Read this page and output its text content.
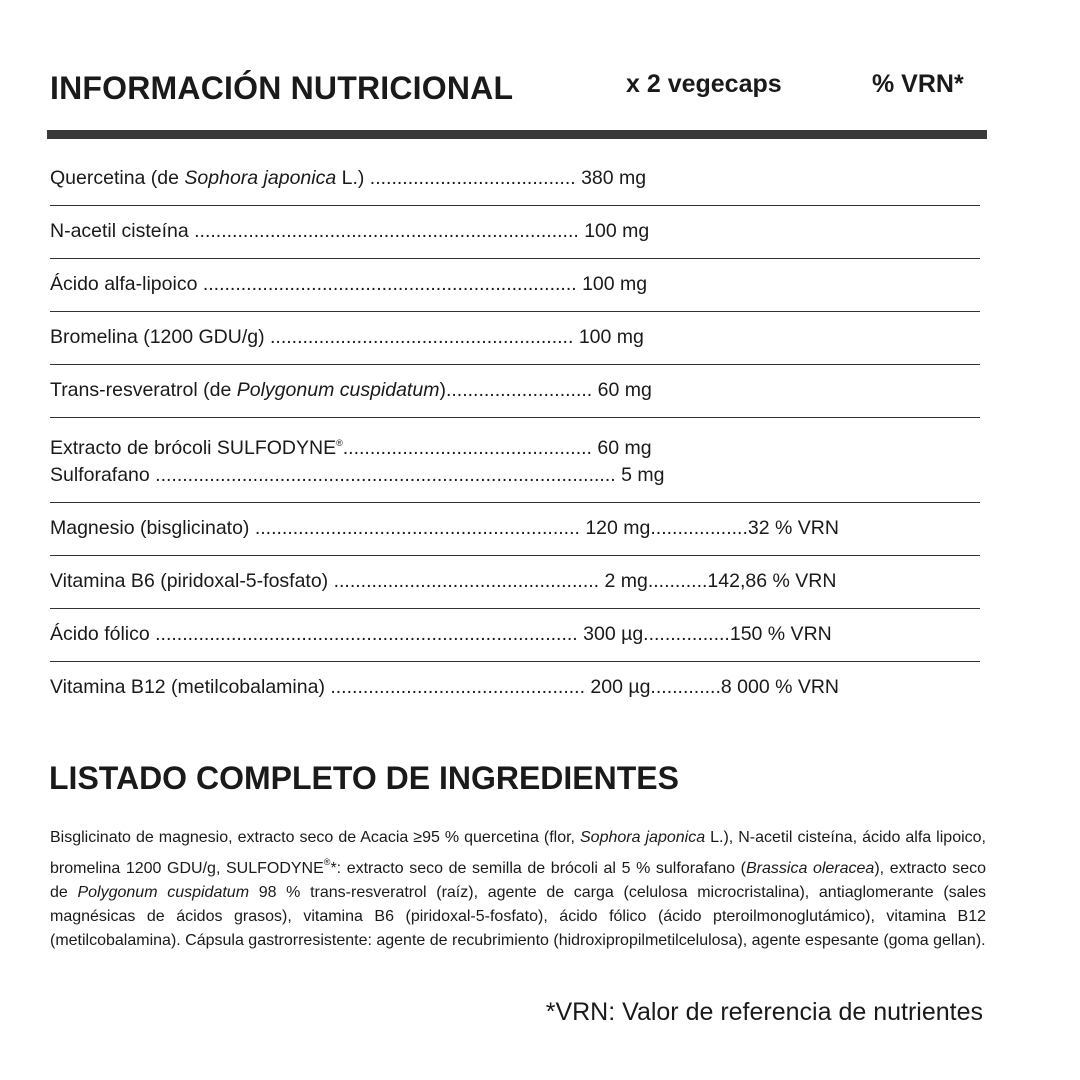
INFORMACIÓN NUTRICIONAL	x 2 vegecaps	% VRN*
Quercetina (de Sophora japonica L.) ...................................... 380 mg
N-acetil cisteína ....................................................................... 100 mg
Ácido alfa-lipoico ..................................................................... 100 mg
Bromelina (1200 GDU/g) ........................................................ 100 mg
Trans-resveratrol (de Polygonum cuspidatum)........................... 60 mg
Extracto de brócoli SULFODYNE®.............................................. 60 mg
Sulforafano ..................................................................................... 5 mg
Magnesio (bisglicinato) ............................................................ 120 mg..................32 % VRN
Vitamina B6 (piridoxal-5-fosfato) ................................................. 2 mg...........142,86 % VRN
Ácido fólico .............................................................................. 300 µg................150 % VRN
Vitamina B12 (metilcobalamina) ............................................... 200 µg.............8 000 % VRN
LISTADO COMPLETO DE INGREDIENTES

Bisglicinato de magnesio, extracto seco de Acacia ≥95 % quercetina (flor, Sophora japonica L.), N-acetil cisteína, ácido alfa lipoico, bromelina 1200 GDU/g, SULFODYNE®*: extracto seco de semilla de brócoli al 5 % sulforafano (Brassica oleracea), extracto seco de Polygonum cuspidatum 98 % trans-resveratrol (raíz), agente de carga (celulosa microcristalina), antiaglomerante (sales magnésicas de ácidos grasos), vitamina B6 (piridoxal-5-fosfato), ácido fólico (ácido pteroilmonoglutámico), vitamina B12 (metilcobalamina). Cápsula gastrorresistente: agente de recubrimiento (hidroxipropilmetilcelulosa), agente espesante (goma gellan).

*VRN: Valor de referencia de nutrientes
